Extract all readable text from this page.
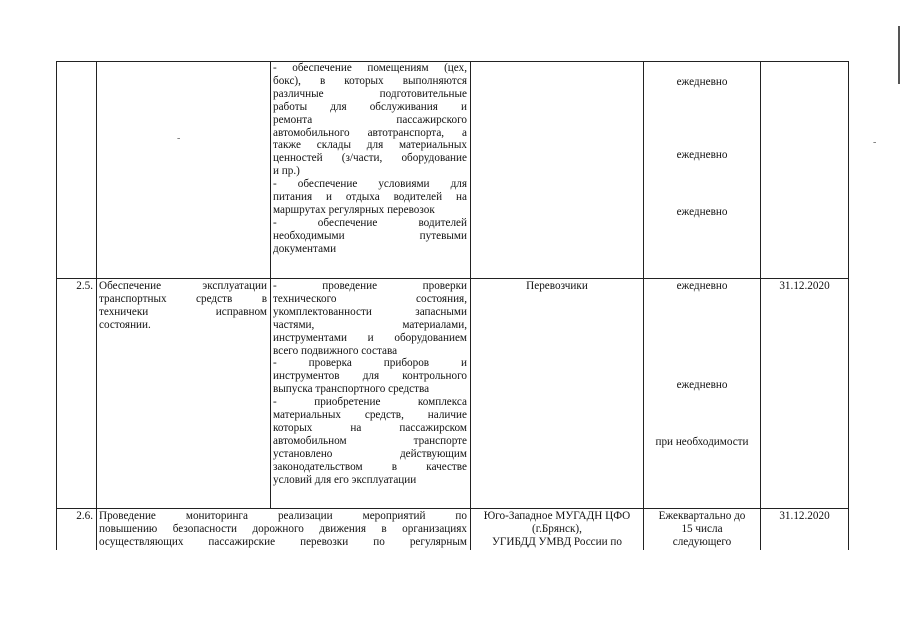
-	-
- обеспечение помещениям (цех,
бокс), в которых выполняются
различные подготовительные
работы для обслуживания и
ремонта пассажирского
автомобильного автотранспорта, а
также склады для материальных
ценностей (з/части, оборудование
и пр.)
- обеспечение условиями для
питания и отдыха водителей на
маршрутах регулярных перевозок
- обеспечение водителей
необходимыми путевыми
документами
ежедневно
ежедневно
ежедневно
2.5. Обеспечение эксплуатации
транспортных средств в
техничеки исправном
состоянии.
- проведение проверки
технического состояния,
укомплектованности запасными
частями, материалами,
инструментами и оборудованием
всего подвижного состава
- проверка приборов и
инструментов для контрольного
выпуска транспортного средства
- приобретение комплекса
материальных средств, наличие
которых на пассажирском
автомобильном транспорте
установлено действующим
законодательством в качестве
условий для его эксплуатации
Перевозчики	ежедневно
ежедневно
при необходимости
31.12.2020
2.6. Проведение мониторинга реализации мероприятий по
повышению безопасности дорожного движения в организациях
осуществляющих пассажирские перевозки по регулярным
Юго-Западное МУГАДН ЦФО
(г.Брянск),
УГИБДД УМВД России по
Ежеквартально до
15 числа
следующего
31.12.2020
